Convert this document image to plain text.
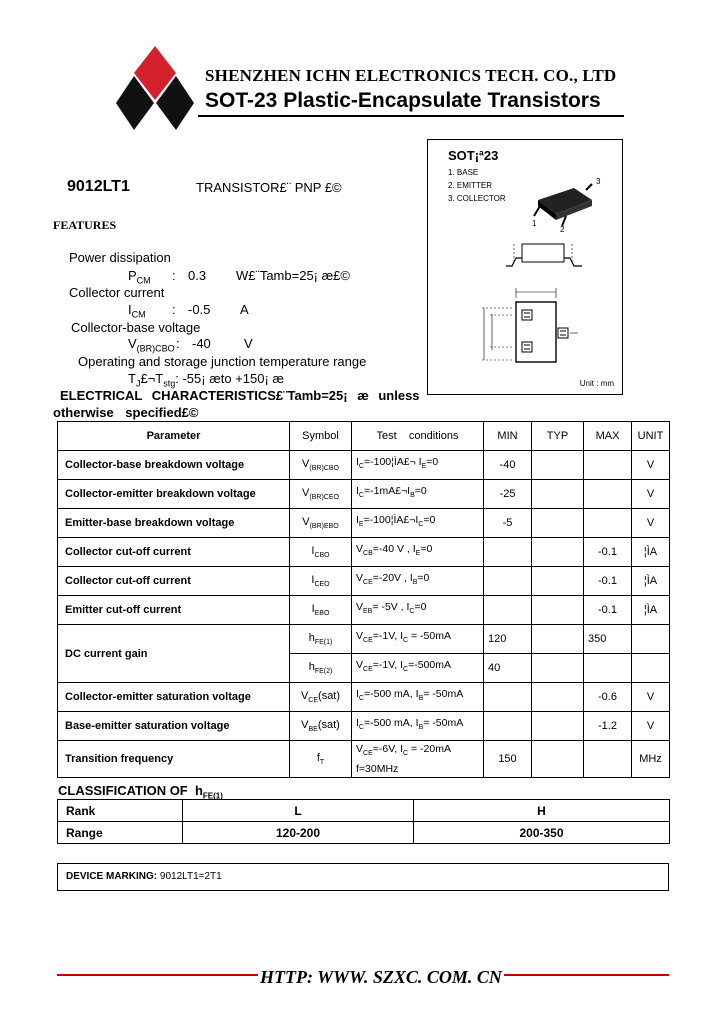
SHENZHEN ICHN ELECTRONICS TECH. CO., LTD
SOT-23 Plastic-Encapsulate Transistors
SOT¡ª23
1. BASE
2. EMITTER
3. COLLECTOR
1
2
3
Unit : mm
9012LT1	TRANSISTOR£¨ PNP £©
FEATURES
Power dissipation
$P_{CM}$ : 0.3 W£¨Tamb=25¡ æ£©
Collector current
$I_{CM}$ : -0.5 A
Collector-base voltage
$V_{(BR)CBO}$ : -40	V
Operating and storage junction temperature range
$T_J£\neg T_{stg}$: -55¡ æto +150¡ æ
ELECTRICAL CHARACTERISTICS£¨Tamb=25¡ æ unless
otherwise specified£©
Parameter	Symbol	Test    conditions	MIN	TYP	MAX	UNIT
Collector-base breakdown voltage	$V_{(BR)CBO}$	$I_C=-100¦ÌA£\neg$ $I_E=0$	-40			V
Collector-emitter breakdown voltage	$V_{(BR)CEO}$	$I_C=-1mA£\neg I_B=0$	-25			V
Emitter-base breakdown voltage	$V_{(BR)EBO}$	$I_E=-100¦ÌA£\neg I_C=0$	-5			V
Collector cut-off current	$I_{CBO}$	$V_{CB}=-40$ V , $I_E=0$			-0.1	¦ÌA
Collector cut-off current	$I_{CEO}$	$V_{CE}=-20V$ , $I_B=0$			-0.1	¦ÌA
Emitter cut-off current	$I_{EBO}$	$V_{EB}= -5V$ , $I_C=0$			-0.1	¦ÌA
DC current gain	$h_{FE(1)}$	$V_{CE}=-1V$, $I_C = -50mA$	120		350	
	$h_{FE(2)}$	$V_{CE}=-1V$, $I_C=-500mA$	40			
Collector-emitter saturation voltage	$V_{CE}(sat)$	$I_C=-500$ mA, $I_B= -50mA$			-0.6	V
Base-emitter saturation voltage	$V_{BE}(sat)$	$I_C=-500$ mA, $I_B= -50mA$			-1.2	V
Transition frequency	$f_T$	$V_{CE}=-6V$, $I_C = -20mA$
f=30MHz	150			MHz
CLASSIFICATION OF  $h_{FE(1)}$
Rank	L	H
Range	120-200	200-350
DEVICE MARKING: 9012LT1=2T1
HTTP: WWW. SZXC. COM. CN
